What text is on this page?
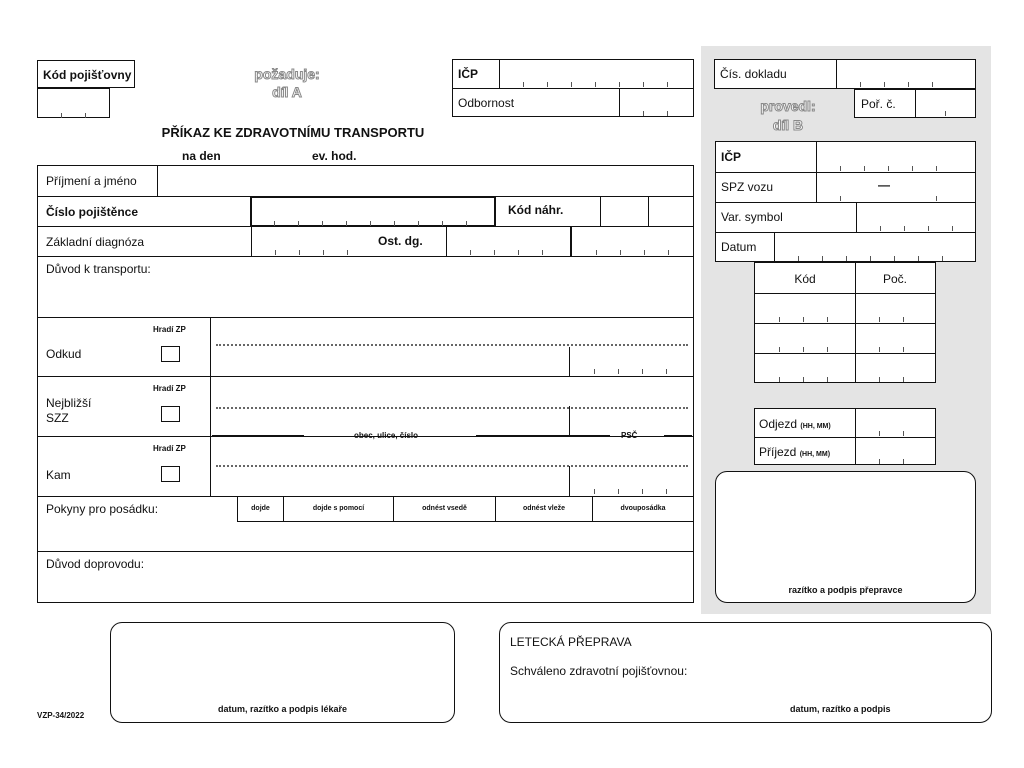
Kód pojišťovny	požaduje:
díl A
IČP
Odbornost
PŘÍKAZ KE ZDRAVOTNÍMU TRANSPORTU
na den	ev. hod.
Příjmení a jméno
Číslo pojištěnce	Kód náhr.
Základní diagnóza	Ost. dg.
Důvod k transportu:
Hradí ZP
Odkud
Hradí ZP
Nejbližší
SZZ
obec, ulice, číslo	PSČ
Hradí ZP
Kam
Pokyny pro posádku:	dojde	dojde s pomocí	odnést vsedě	odnést vleže	dvouposádka
Důvod doprovodu:
Čís. dokladu
provedl:
díl B
Poř. č.
IČP
SPZ vozu
Var. symbol
Datum
—
Kód	Poč.
Odjezd (HH, MM)
Příjezd (HH, MM)
razítko a podpis přepravce
datum, razítko a podpis lékaře
VZP-34/2022
LETECKÁ PŘEPRAVA
Schváleno zdravotní pojišťovnou:
datum, razítko a podpis
